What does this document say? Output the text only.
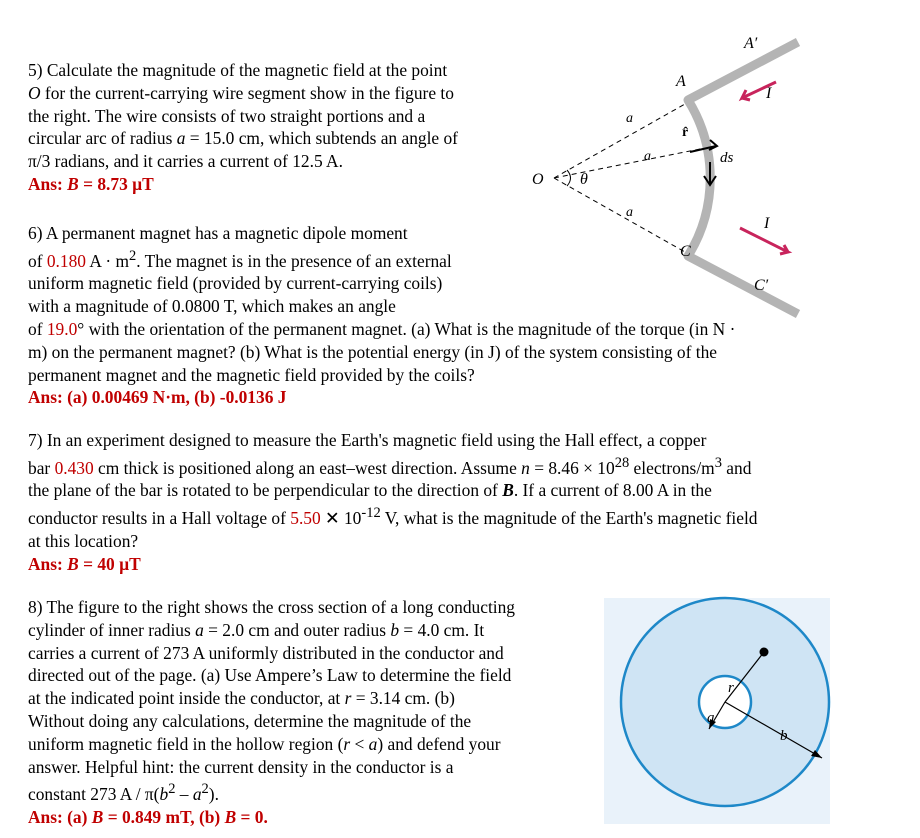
5) Calculate the magnitude of the magnetic field at the point
O for the current-carrying wire segment show in the figure to
the right. The wire consists of two straight portions and a
circular arc of radius a = 15.0 cm, which subtends an angle of
π/3 radians, and it carries a current of 12.5 A.
Ans: B = 8.73 µT	O
A
A′
C
C′
I
I
a
a
a
θ
r̂
ds
6) A permanent magnet has a magnetic dipole moment
of 0.180 $A \cdot m^2$. The magnet is in the presence of an external
uniform magnetic field (provided by current-carrying coils)
with a magnitude of 0.0800 T, which makes an angle
of 19.0° with the orientation of the permanent magnet. (a) What is the magnitude of the torque (in N ·
m) on the permanent magnet? (b) What is the potential energy (in J) of the system consisting of the
permanent magnet and the magnetic field provided by the coils?
Ans: (a) 0.00469 N·m, (b) -0.0136 J
7) In an experiment designed to measure the Earth's magnetic field using the Hall effect, a copper
bar 0.430 cm thick is positioned along an east–west direction. Assume $n = 8.46 \times 10^{28}$ electrons/$m^3$ and
the plane of the bar is rotated to be perpendicular to the direction of B. If a current of 8.00 A in the
conductor results in a Hall voltage of 5.50 ✕ $10^{-12}$ V, what is the magnitude of the Earth's magnetic field
at this location?
Ans: B = 40 µT
8) The figure to the right shows the cross section of a long conducting
cylinder of inner radius a = 2.0 cm and outer radius b = 4.0 cm. It
carries a current of 273 A uniformly distributed in the conductor and
directed out of the page. (a) Use Ampere’s Law to determine the field
at the indicated point inside the conductor, at r = 3.14 cm. (b)
Without doing any calculations, determine the magnitude of the
uniform magnetic field in the hollow region (r < a) and defend your
answer. Helpful hint: the current density in the conductor is a
constant 273 A / $\pi(b^2 - a^2)$.
Ans: (a) B = 0.849 mT, (b) B = 0.
a
b
r
